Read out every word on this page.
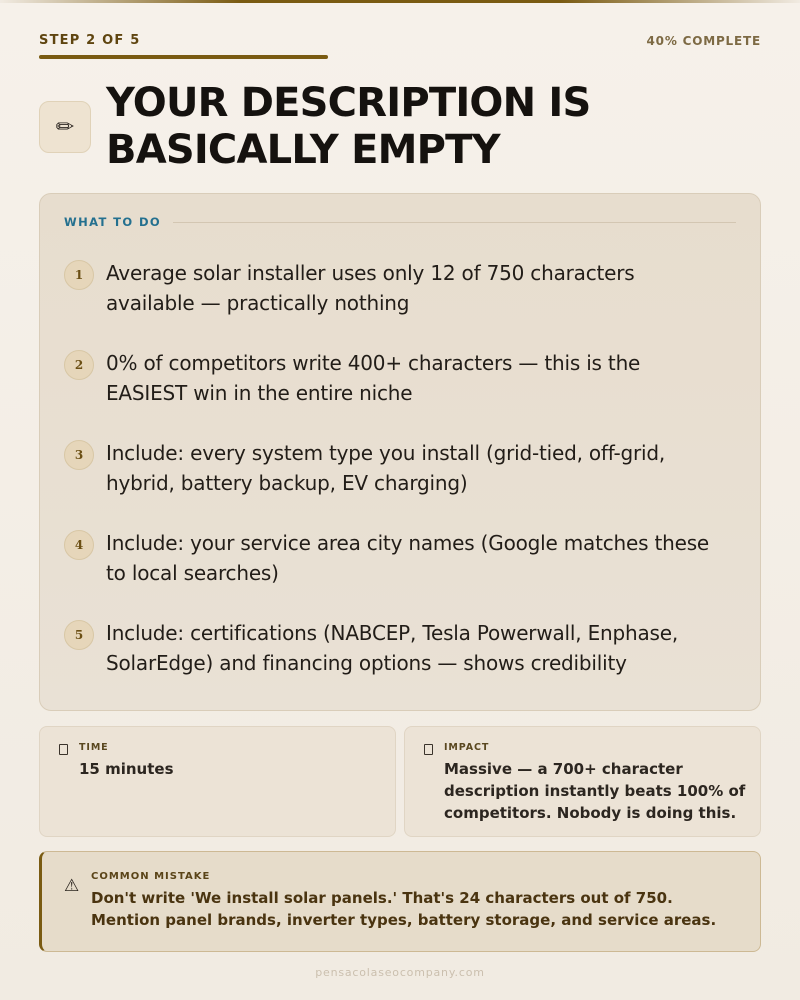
STEP 2 OF 5	40% COMPLETE
✏
YOUR DESCRIPTION IS
BASICALLY EMPTY
WHAT TO DO
1	Average solar installer uses only 12 of 750 characters available — practically nothing
2	0% of competitors write 400+ characters — this is the EASIEST win in the entire niche
3	Include: every system type you install (grid-tied, off-grid, hybrid, battery backup, EV charging)
4	Include: your service area city names (Google matches these to local searches)
5	Include: certifications (NABCEP, Tesla Powerwall, Enphase, SolarEdge) and financing options — shows credibility
TIME
15 minutes
IMPACT
Massive — a 700+ character description instantly beats 100% of competitors. Nobody is doing this.
⚠ COMMON MISTAKE
Don't write 'We install solar panels.' That's 24 characters out of 750. Mention panel brands, inverter types, battery storage, and service areas.
pensacolaseocompany.com
